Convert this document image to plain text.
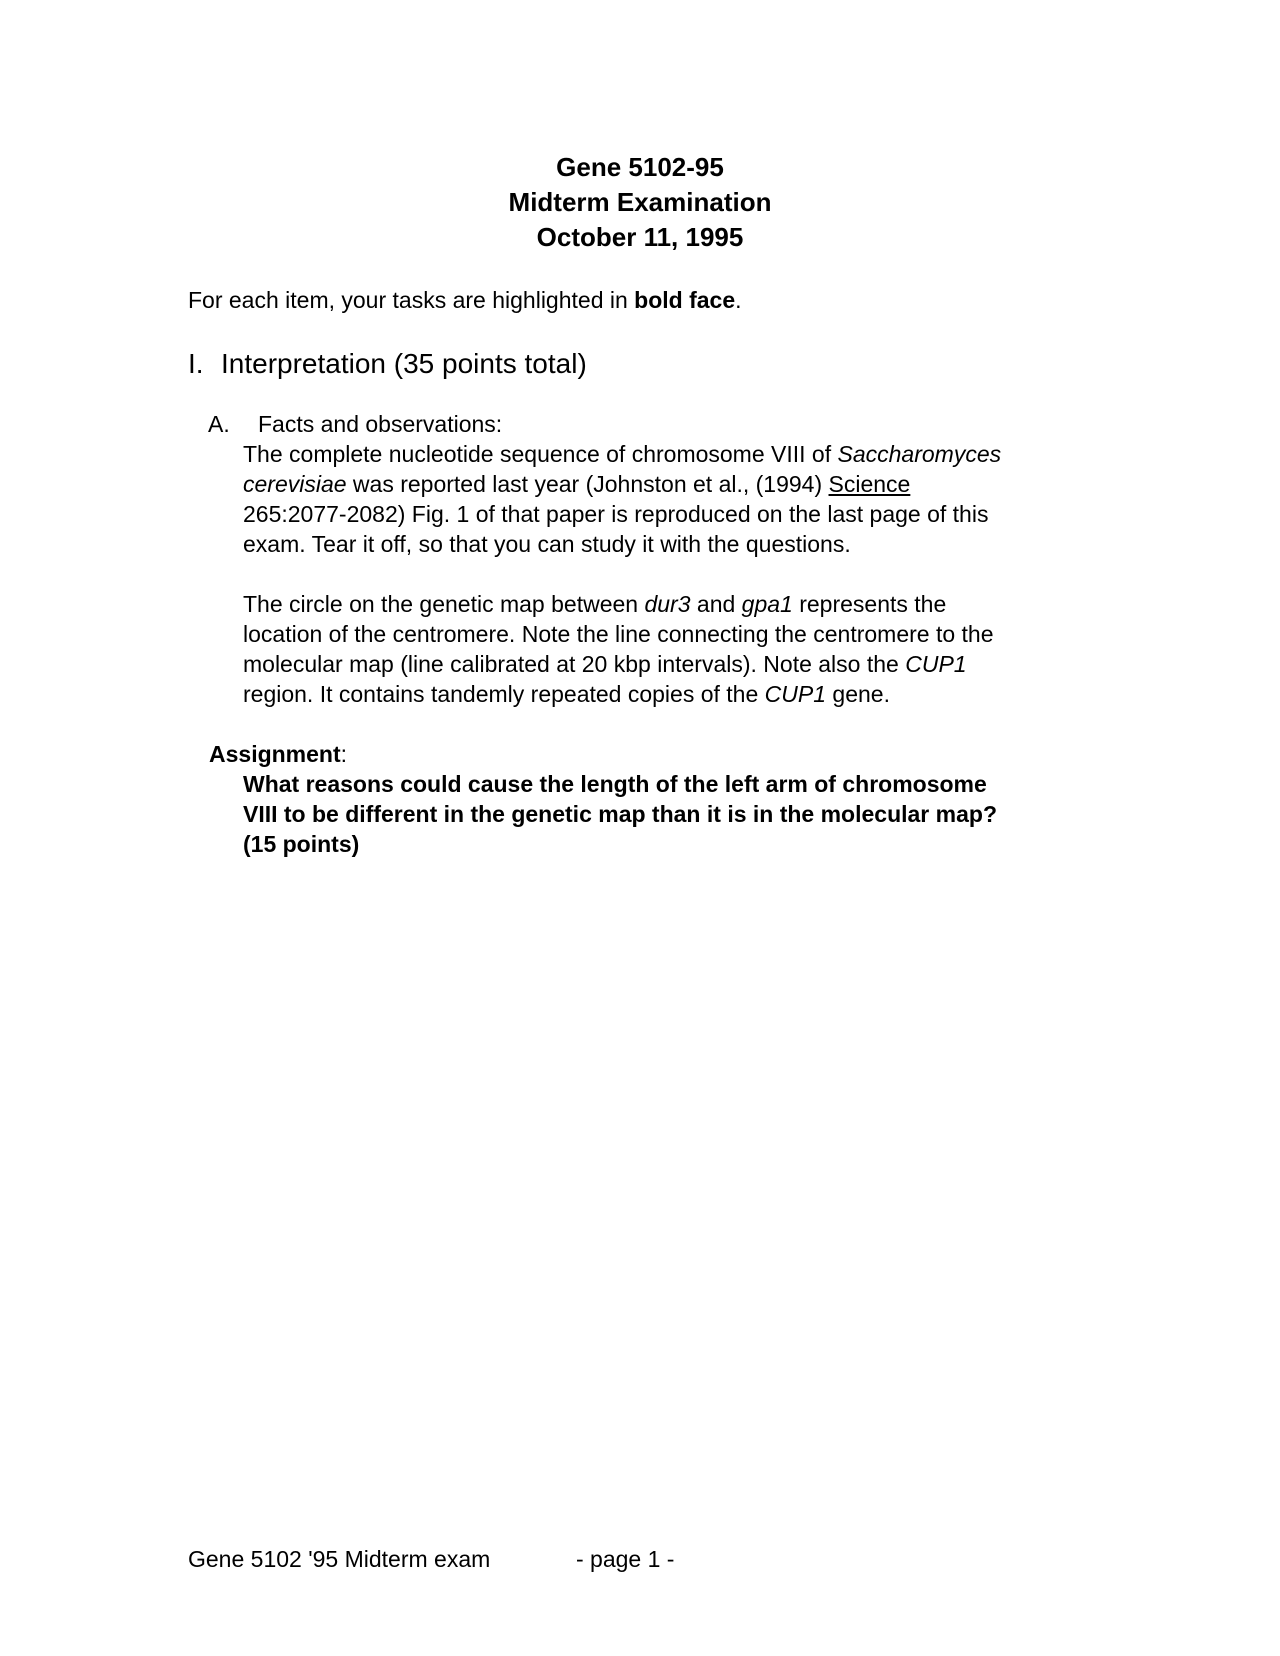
Gene 5102-95
Midterm Examination
October 11, 1995
For each item, your tasks are highlighted in bold face.
I. Interpretation (35 points total)
A. Facts and observations:
The complete nucleotide sequence of chromosome VIII of Saccharomyces
cerevisiae was reported last year (Johnston et al., (1994) Science
265:2077-2082) Fig. 1 of that paper is reproduced on the last page of this
exam. Tear it off, so that you can study it with the questions.
The circle on the genetic map between dur3 and gpa1 represents the
location of the centromere. Note the line connecting the centromere to the
molecular map (line calibrated at 20 kbp intervals). Note also the CUP1
region. It contains tandemly repeated copies of the CUP1 gene.
Assignment:
What reasons could cause the length of the left arm of chromosome
VIII to be different in the genetic map than it is in the molecular map?
(15 points)
Gene 5102 '95 Midterm exam	- page 1 -
